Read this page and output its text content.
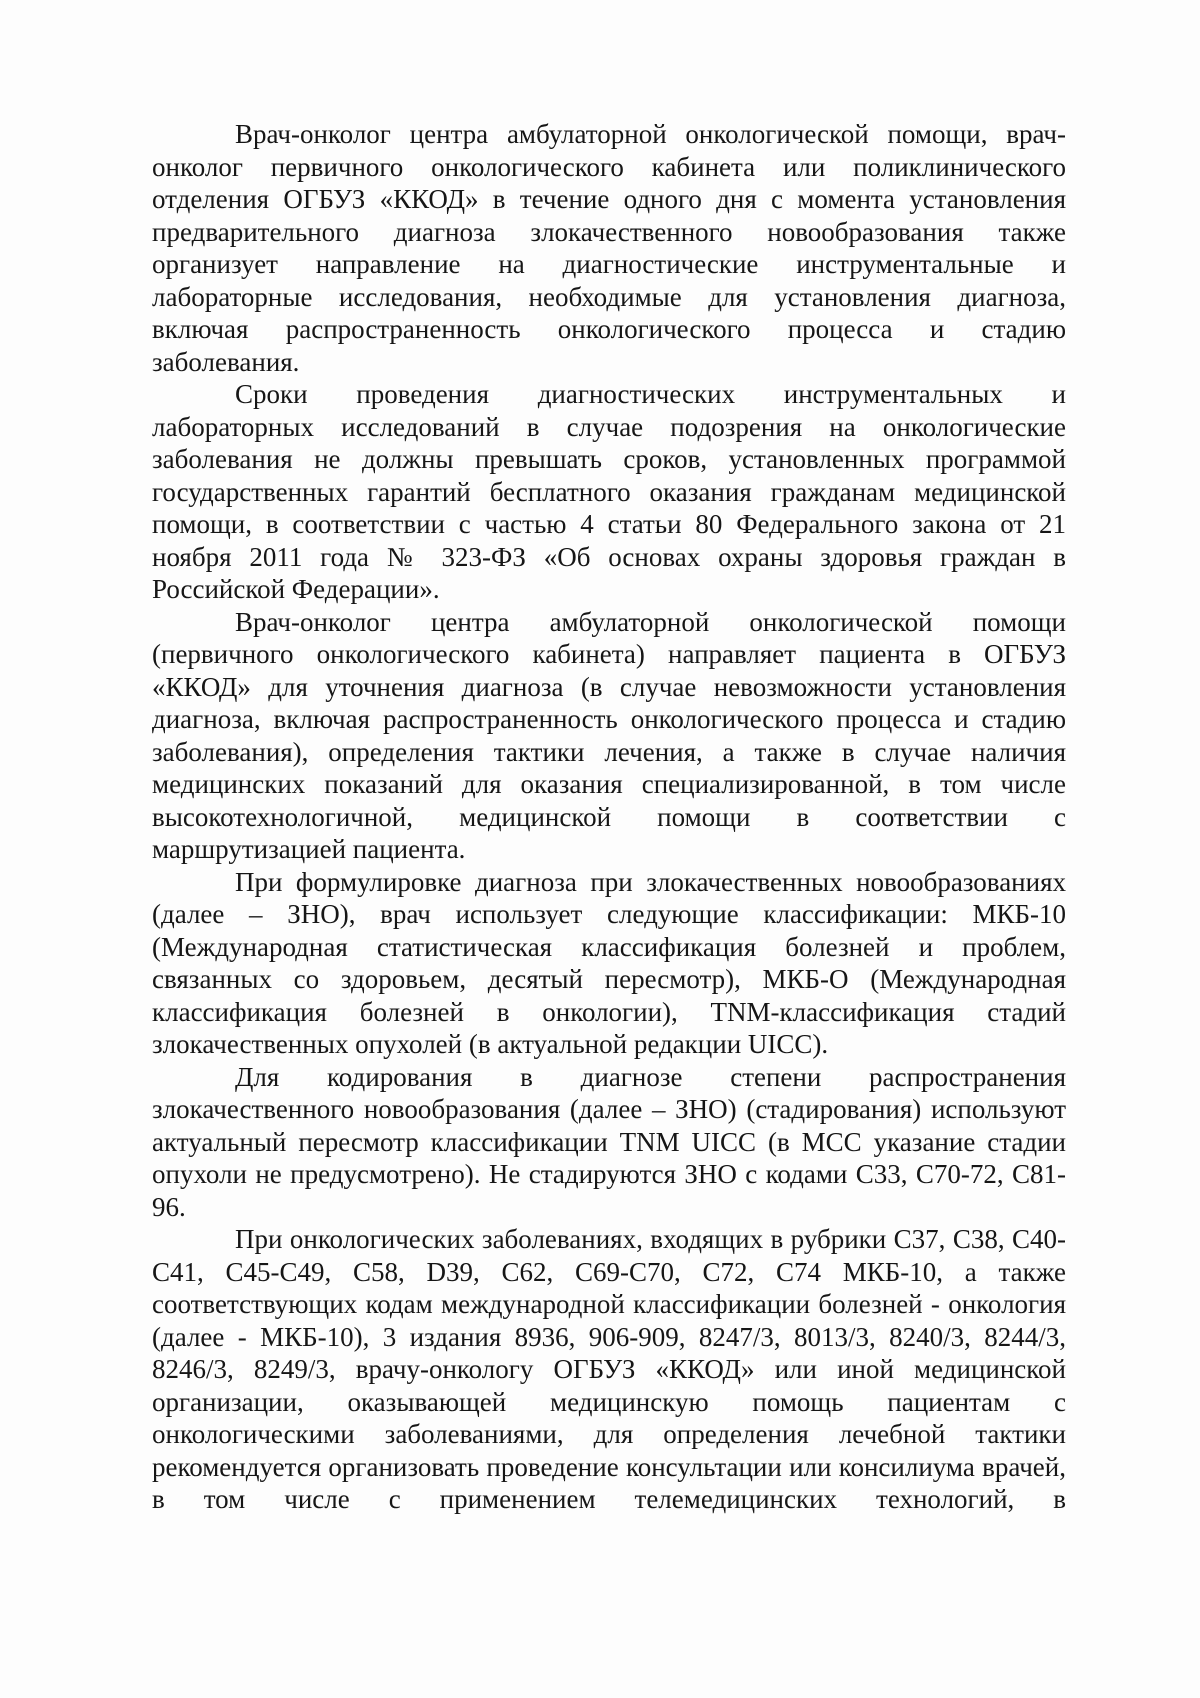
Врач-онколог центра амбулаторной онкологической помощи, врач-онколог первичного онкологического кабинета или поликлинического отделения ОГБУЗ «ККОД» в течение одного дня с момента установления предварительного диагноза злокачественного новообразования также организует направление на диагностические инструментальные и лабораторные исследования, необходимые для установления диагноза, включая распространенность онкологического процесса и стадию заболевания.

Сроки проведения диагностических инструментальных и лабораторных исследований в случае подозрения на онкологические заболевания не должны превышать сроков, установленных программой государственных гарантий бесплатного оказания гражданам медицинской помощи, в соответствии с частью 4 статьи 80 Федерального закона от 21 ноября 2011 года № 323-ФЗ «Об основах охраны здоровья граждан в Российской Федерации».

Врач-онколог центра амбулаторной онкологической помощи (первичного онкологического кабинета) направляет пациента в ОГБУЗ «ККОД» для уточнения диагноза (в случае невозможности установления диагноза, включая распространенность онкологического процесса и стадию заболевания), определения тактики лечения, а также в случае наличия медицинских показаний для оказания специализированной, в том числе высокотехнологичной, медицинской помощи в соответствии с маршрутизацией пациента.

При формулировке диагноза при злокачественных новообразованиях (далее – ЗНО), врач использует следующие классификации: МКБ-10 (Международная статистическая классификация болезней и проблем, связанных со здоровьем, десятый пересмотр), МКБ-О (Международная классификация болезней в онкологии), TNM-классификация стадий злокачественных опухолей (в актуальной редакции UICC).

Для кодирования в диагнозе степени распространения злокачественного новообразования (далее – ЗНО) (стадирования) используют актуальный пересмотр классификации TNM UICC (в МСС указание стадии опухоли не предусмотрено). Не стадируются ЗНО с кодами С33, С70-72, С81-96.

При онкологических заболеваниях, входящих в рубрики C37, C38, C40-C41, C45-C49, C58, D39, C62, C69-C70, C72, C74 МКБ-10, а также соответствующих кодам международной классификации болезней - онкология (далее - МКБ-10), 3 издания 8936, 906-909, 8247/3, 8013/3, 8240/3, 8244/3, 8246/3, 8249/3, врачу-онкологу ОГБУЗ «ККОД» или иной медицинской организации, оказывающей медицинскую помощь пациентам с онкологическими заболеваниями, для определения лечебной тактики рекомендуется организовать проведение консультации или консилиума врачей, в том числе с применением телемедицинских технологий, в
